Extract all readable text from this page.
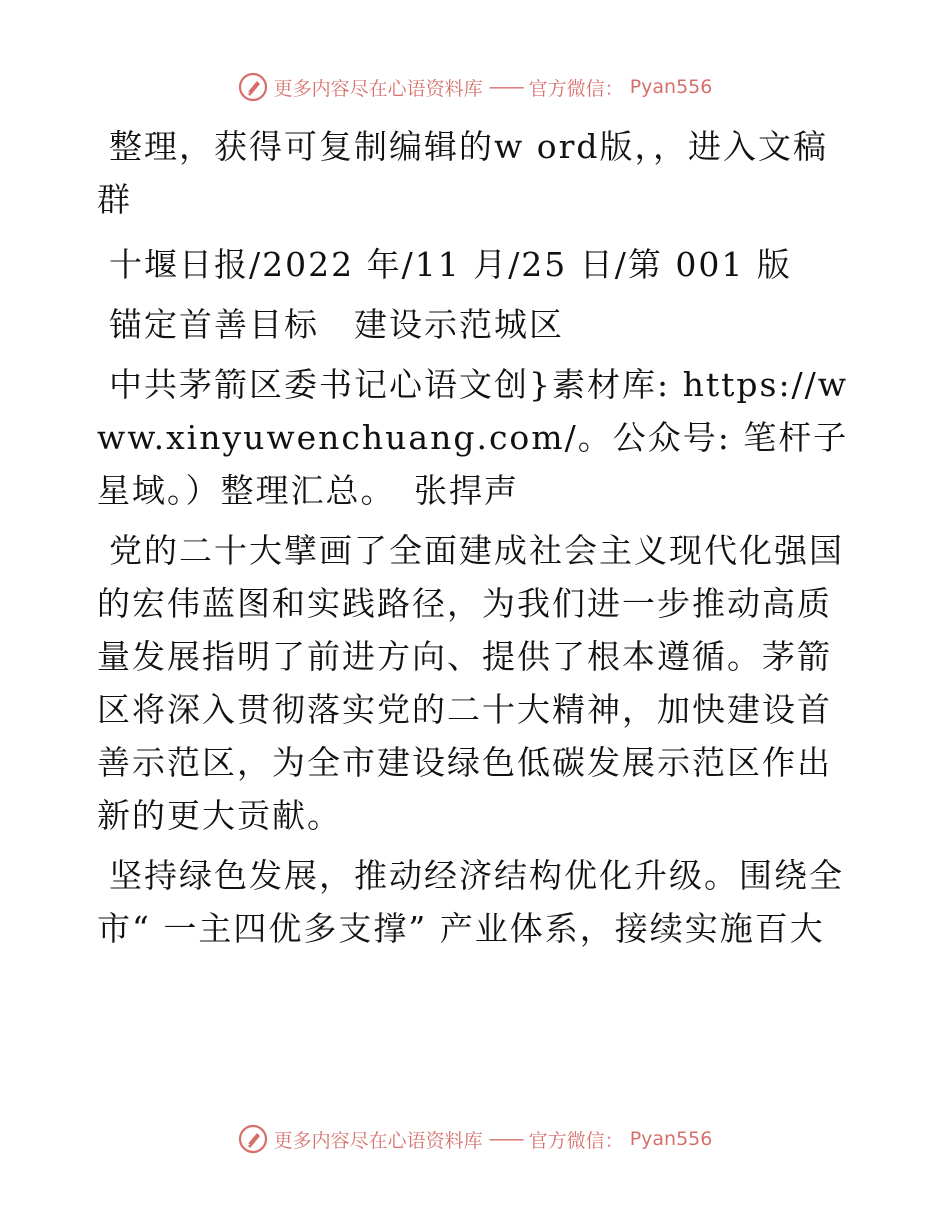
更多内容尽在心语资料库 —— 官方微信： Pyan556

整理，获得可复制编辑的w ord版，，进入文稿群

十堰日报/2022 年/11 月/25 日/第 001 版

锚定首善目标　建设示范城区

中共茅箭区委书记心语文创}素材库: https://www.xinyuwenchuang.com/。公众号: 笔杆子星域。）整理汇总。　张捍声

党的二十大擘画了全面建成社会主义现代化强国的宏伟蓝图和实践路径，为我们进一步推动高质量发展指明了前进方向、提供了根本遵循。茅箭区将深入贯彻落实党的二十大精神，加快建设首善示范区，为全市建设绿色低碳发展示范区作出新的更大贡献。

坚持绿色发展，推动经济结构优化升级。围绕全市“ 一主四优多支撑” 产业体系，接续实施百大

更多内容尽在心语资料库 —— 官方微信： Pyan556
